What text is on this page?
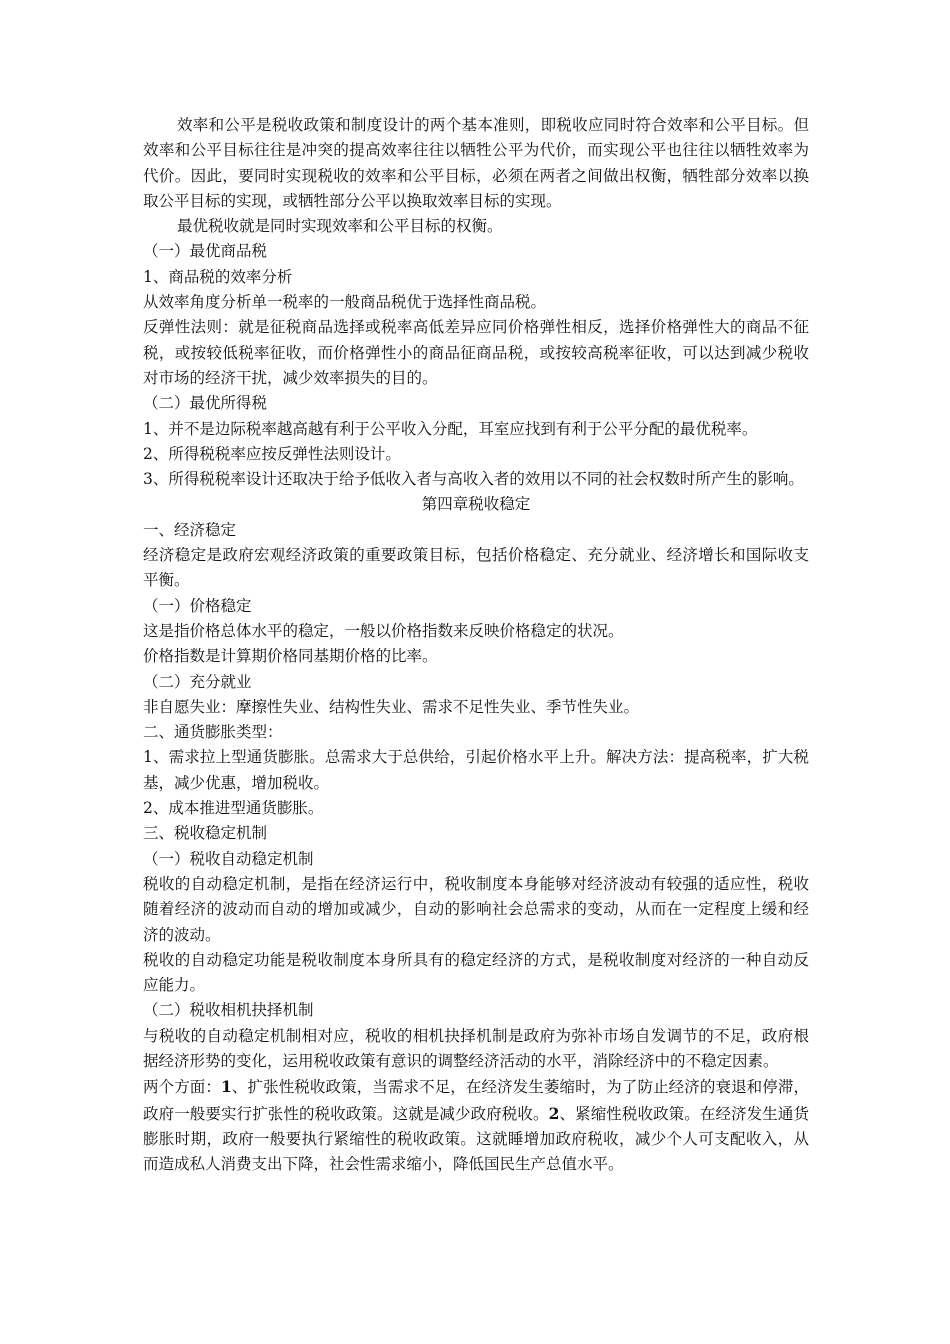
效率和公平是税收政策和制度设计的两个基本准则，即税收应同时符合效率和公平目标。但效率和公平目标往往是冲突的提高效率往往以牺牲公平为代价，而实现公平也往往以牺牲效率为代价。因此，要同时实现税收的效率和公平目标，必须在两者之间做出权衡，牺牲部分效率以换取公平目标的实现，或牺牲部分公平以换取效率目标的实现。

最优税收就是同时实现效率和公平目标的权衡。

（一）最优商品税

1、商品税的效率分析

从效率角度分析单一税率的一般商品税优于选择性商品税。

反弹性法则：就是征税商品选择或税率高低差异应同价格弹性相反，选择价格弹性大的商品不征税，或按较低税率征收，而价格弹性小的商品征商品税，或按较高税率征收，可以达到减少税收对市场的经济干扰，减少效率损失的目的。

（二）最优所得税

1、并不是边际税率越高越有利于公平收入分配，耳室应找到有利于公平分配的最优税率。

2、所得税税率应按反弹性法则设计。

3、所得税税率设计还取决于给予低收入者与高收入者的效用以不同的社会权数时所产生的影响。

第四章税收稳定

一、经济稳定

经济稳定是政府宏观经济政策的重要政策目标，包括价格稳定、充分就业、经济增长和国际收支平衡。

（一）价格稳定

这是指价格总体水平的稳定，一般以价格指数来反映价格稳定的状况。

价格指数是计算期价格同基期价格的比率。

（二）充分就业

非自愿失业：摩擦性失业、结构性失业、需求不足性失业、季节性失业。

二、通货膨胀类型：

1、需求拉上型通货膨胀。总需求大于总供给，引起价格水平上升。解决方法：提高税率，扩大税基，减少优惠，增加税收。

2、成本推进型通货膨胀。

三、税收稳定机制

（一）税收自动稳定机制

税收的自动稳定机制，是指在经济运行中，税收制度本身能够对经济波动有较强的适应性，税收随着经济的波动而自动的增加或减少，自动的影响社会总需求的变动，从而在一定程度上缓和经济的波动。

税收的自动稳定功能是税收制度本身所具有的稳定经济的方式，是税收制度对经济的一种自动反应能力。

（二）税收相机抉择机制

与税收的自动稳定机制相对应，税收的相机抉择机制是政府为弥补市场自发调节的不足，政府根据经济形势的变化，运用税收政策有意识的调整经济活动的水平，消除经济中的不稳定因素。

两个方面：1、扩张性税收政策，当需求不足，在经济发生萎缩时，为了防止经济的衰退和停滞，政府一般要实行扩张性的税收政策。这就是减少政府税收。2、紧缩性税收政策。在经济发生通货膨胀时期，政府一般要执行紧缩性的税收政策。这就睡增加政府税收，减少个人可支配收入，从而造成私人消费支出下降，社会性需求缩小，降低国民生产总值水平。
